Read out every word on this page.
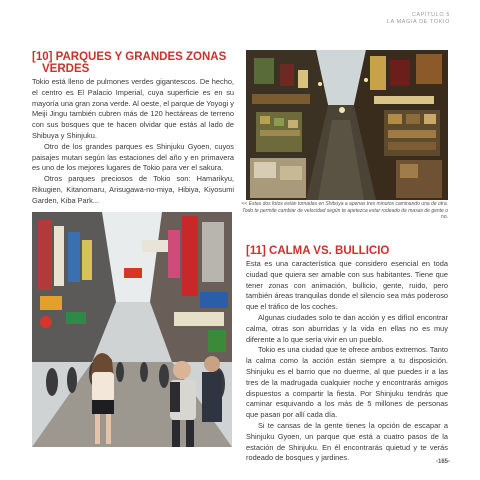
CAPÍTULO 5
LA MAGIA DE TOKIO
[10] PARQUES Y GRANDES ZONAS
VERDES

Tokio está lleno de pulmones verdes gigantescos. De hecho, el centro es El Palacio Imperial, cuya superficie es en su mayoría una gran zona verde. Al oeste, el parque de Yoyogi y Meiji Jingu también cubren más de 120 hectáreas de terreno con sus bosques que te hacen olvidar que estás al lado de Shibuya y Shinjuku.

Otro de los grandes parques es Shinjuku Gyoen, cuyos paisajes mutan según las estaciones del año y en primavera es uno de los mejores lugares de Tokio para ver el sakura.

Otros parques preciosos de Tokio son: Hamarikyu, Rikugien, Kitanomaru, Arisugawa-no-miya, Hibiya, Kiyosumi Garden, Kiba Park...	<< Estas dos fotos están tomadas en Shibuya a apenas tres minutos caminando una de otra.
Todo te permite cambiar de velocidad según te apetezca estar rodeado de masas de gente o no.
[11] CALMA VS. BULLICIO

Esta es una característica que considero esencial en toda ciudad que quiera ser amable con sus habitantes. Tiene que tener zonas con animación, bullicio, gente, ruido, pero también áreas tranquilas donde el silencio sea más poderoso que el tráfico de los coches.

Algunas ciudades solo te dan acción y es difícil encontrar calma, otras son aburridas y la vida en ellas no es muy diferente a lo que sería vivir en un pueblo.

Tokio es una ciudad que te ofrece ambos extremos. Tanto la calma como la acción están siempre a tu disposición. Shinjuku es el barrio que no duerme, al que puedes ir a las tres de la madrugada cualquier noche y encontrarás amigos dispuestos a compartir la fiesta. Por Shinjuku tendrás que caminar esquivando a los más de 5 millones de personas que pasan por allí cada día.

Si te cansas de la gente tienes la opción de escapar a Shinjuku Gyoen, un parque que está a cuatro pasos de la estación de Shinjuku. En él encontrarás quietud y te verás rodeado de bosques y jardines.	-165-
